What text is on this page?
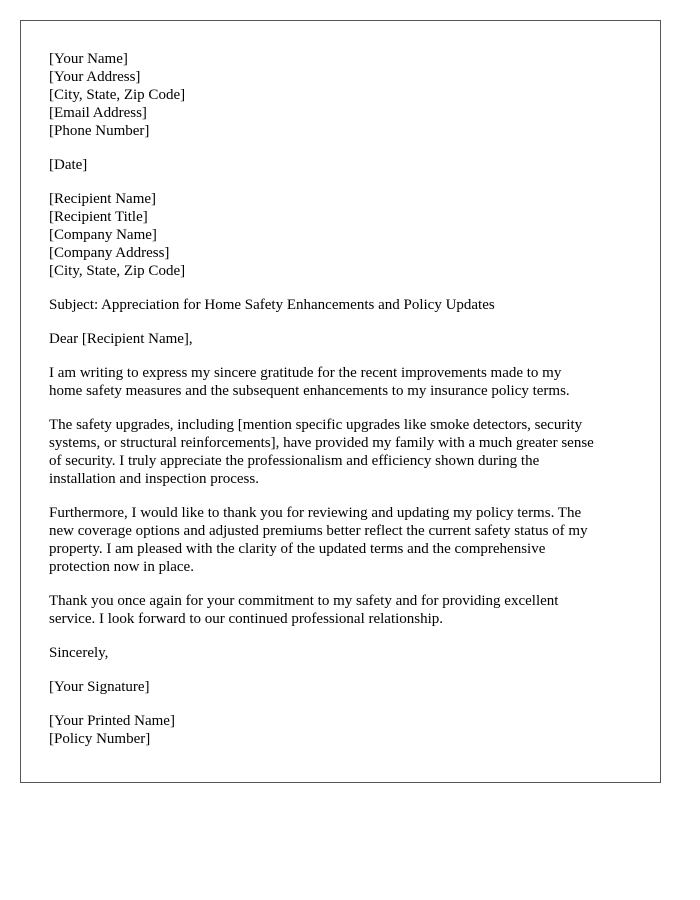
[Your Name]
[Your Address]
[City, State, Zip Code]
[Email Address]
[Phone Number]
[Date]
[Recipient Name]
[Recipient Title]
[Company Name]
[Company Address]
[City, State, Zip Code]
Subject: Appreciation for Home Safety Enhancements and Policy Updates
Dear [Recipient Name],
I am writing to express my sincere gratitude for the recent improvements made to my
home safety measures and the subsequent enhancements to my insurance policy terms.
The safety upgrades, including [mention specific upgrades like smoke detectors, security
systems, or structural reinforcements], have provided my family with a much greater sense
of security. I truly appreciate the professionalism and efficiency shown during the
installation and inspection process.
Furthermore, I would like to thank you for reviewing and updating my policy terms. The
new coverage options and adjusted premiums better reflect the current safety status of my
property. I am pleased with the clarity of the updated terms and the comprehensive
protection now in place.
Thank you once again for your commitment to my safety and for providing excellent
service. I look forward to our continued professional relationship.
Sincerely,
[Your Signature]
[Your Printed Name]
[Policy Number]
